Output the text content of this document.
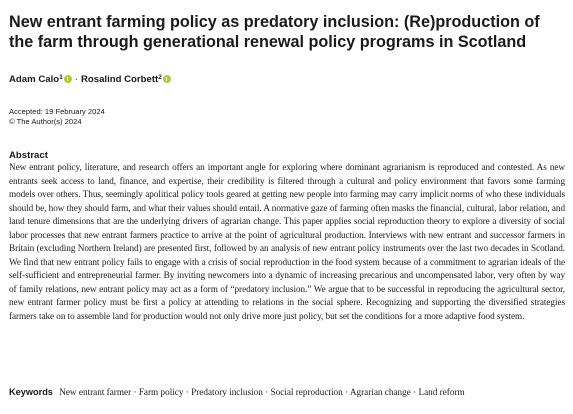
New entrant farming policy as predatory inclusion: (Re)production of the farm through generational renewal policy programs in Scotland
Adam Calo$^1$ · Rosalind Corbett$^2$
Accepted: 19 February 2024
© The Author(s) 2024
Abstract

New entrant policy, literature, and research offers an important angle for exploring where dominant agrarianism is reproduced and contested. As new entrants seek access to land, finance, and expertise, their credibility is filtered through a cultural and policy environment that favors some farming models over others. Thus, seemingly apolitical policy tools geared at getting new people into farming may carry implicit norms of who these individuals should be, how they should farm, and what their values should entail. A normative gaze of farming often masks the financial, cultural, labor relation, and land tenure dimensions that are the underlying drivers of agrarian change. This paper applies social reproduction theory to explore a diversity of social labor processes that new entrant farmers practice to arrive at the point of agricultural production. Interviews with new entrant and successor farmers in Britain (excluding Northern Ireland) are presented first, followed by an analysis of new entrant policy instruments over the last two decades in Scotland. We find that new entrant policy fails to engage with a crisis of social reproduction in the food system because of a commitment to agrarian ideals of the self-sufficient and entrepreneurial farmer. By inviting newcomers into a dynamic of increasing precarious and uncompensated labor, very often by way of family relations, new entrant policy may act as a form of “predatory inclusion.” We argue that to be successful in reproducing the agricultural sector, new entrant farmer policy must be first a policy at attending to relations in the social sphere. Recognizing and supporting the diversified strategies farmers take on to assemble land for production would not only drive more just policy, but set the conditions for a more adaptive food system.

Keywords New entrant farmer · Farm policy · Predatory inclusion · Social reproduction · Agrarian change · Land reform
